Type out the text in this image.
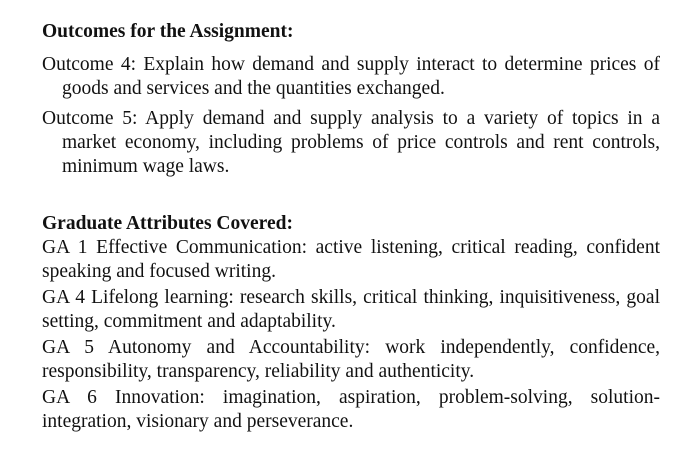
Outcomes for the Assignment:
Outcome 4: Explain how demand and supply interact to determine prices of goods and services and the quantities exchanged.
Outcome 5: Apply demand and supply analysis to a variety of topics in a market economy, including problems of price controls and rent controls, minimum wage laws.
Graduate Attributes Covered:
GA 1 Effective Communication: active listening, critical reading, confident speaking and focused writing.
GA 4 Lifelong learning: research skills, critical thinking, inquisitiveness, goal setting, commitment and adaptability.
GA 5 Autonomy and Accountability: work independently, confidence, responsibility, transparency, reliability and authenticity.
GA 6 Innovation: imagination, aspiration, problem-solving, solution-integration, visionary and perseverance.
